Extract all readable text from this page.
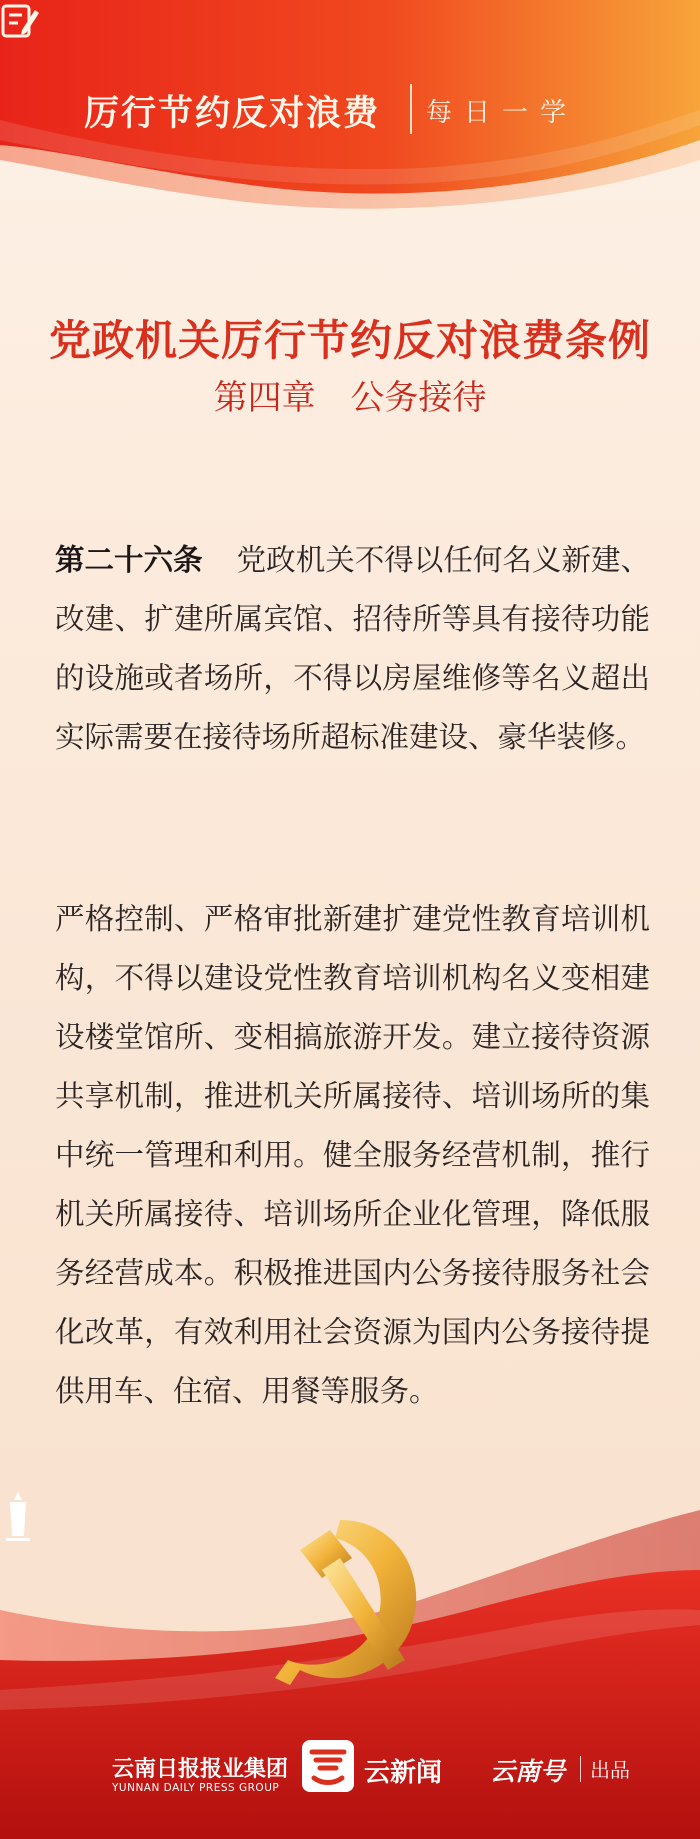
厉行节约反对浪费 每日一学
党政机关厉行节约反对浪费条例
第四章 公务接待
第二十六条 党政机关不得以任何名义新建、改建、扩建所属宾馆、招待所等具有接待功能的设施或者场所，不得以房屋维修等名义超出实际需要在接待场所超标准建设、豪华装修。
严格控制、严格审批新建扩建党性教育培训机构，不得以建设党性教育培训机构名义变相建设楼堂馆所、变相搞旅游开发。建立接待资源共享机制，推进机关所属接待、培训场所的集中统一管理和利用。健全服务经营机制，推行机关所属接待、培训场所企业化管理，降低服务经营成本。积极推进国内公务接待服务社会化改革，有效利用社会资源为国内公务接待提供用车、住宿、用餐等服务。
云南日报报业集团
YUNNAN DAILY PRESS GROUP	云新闻 云南号 出品
